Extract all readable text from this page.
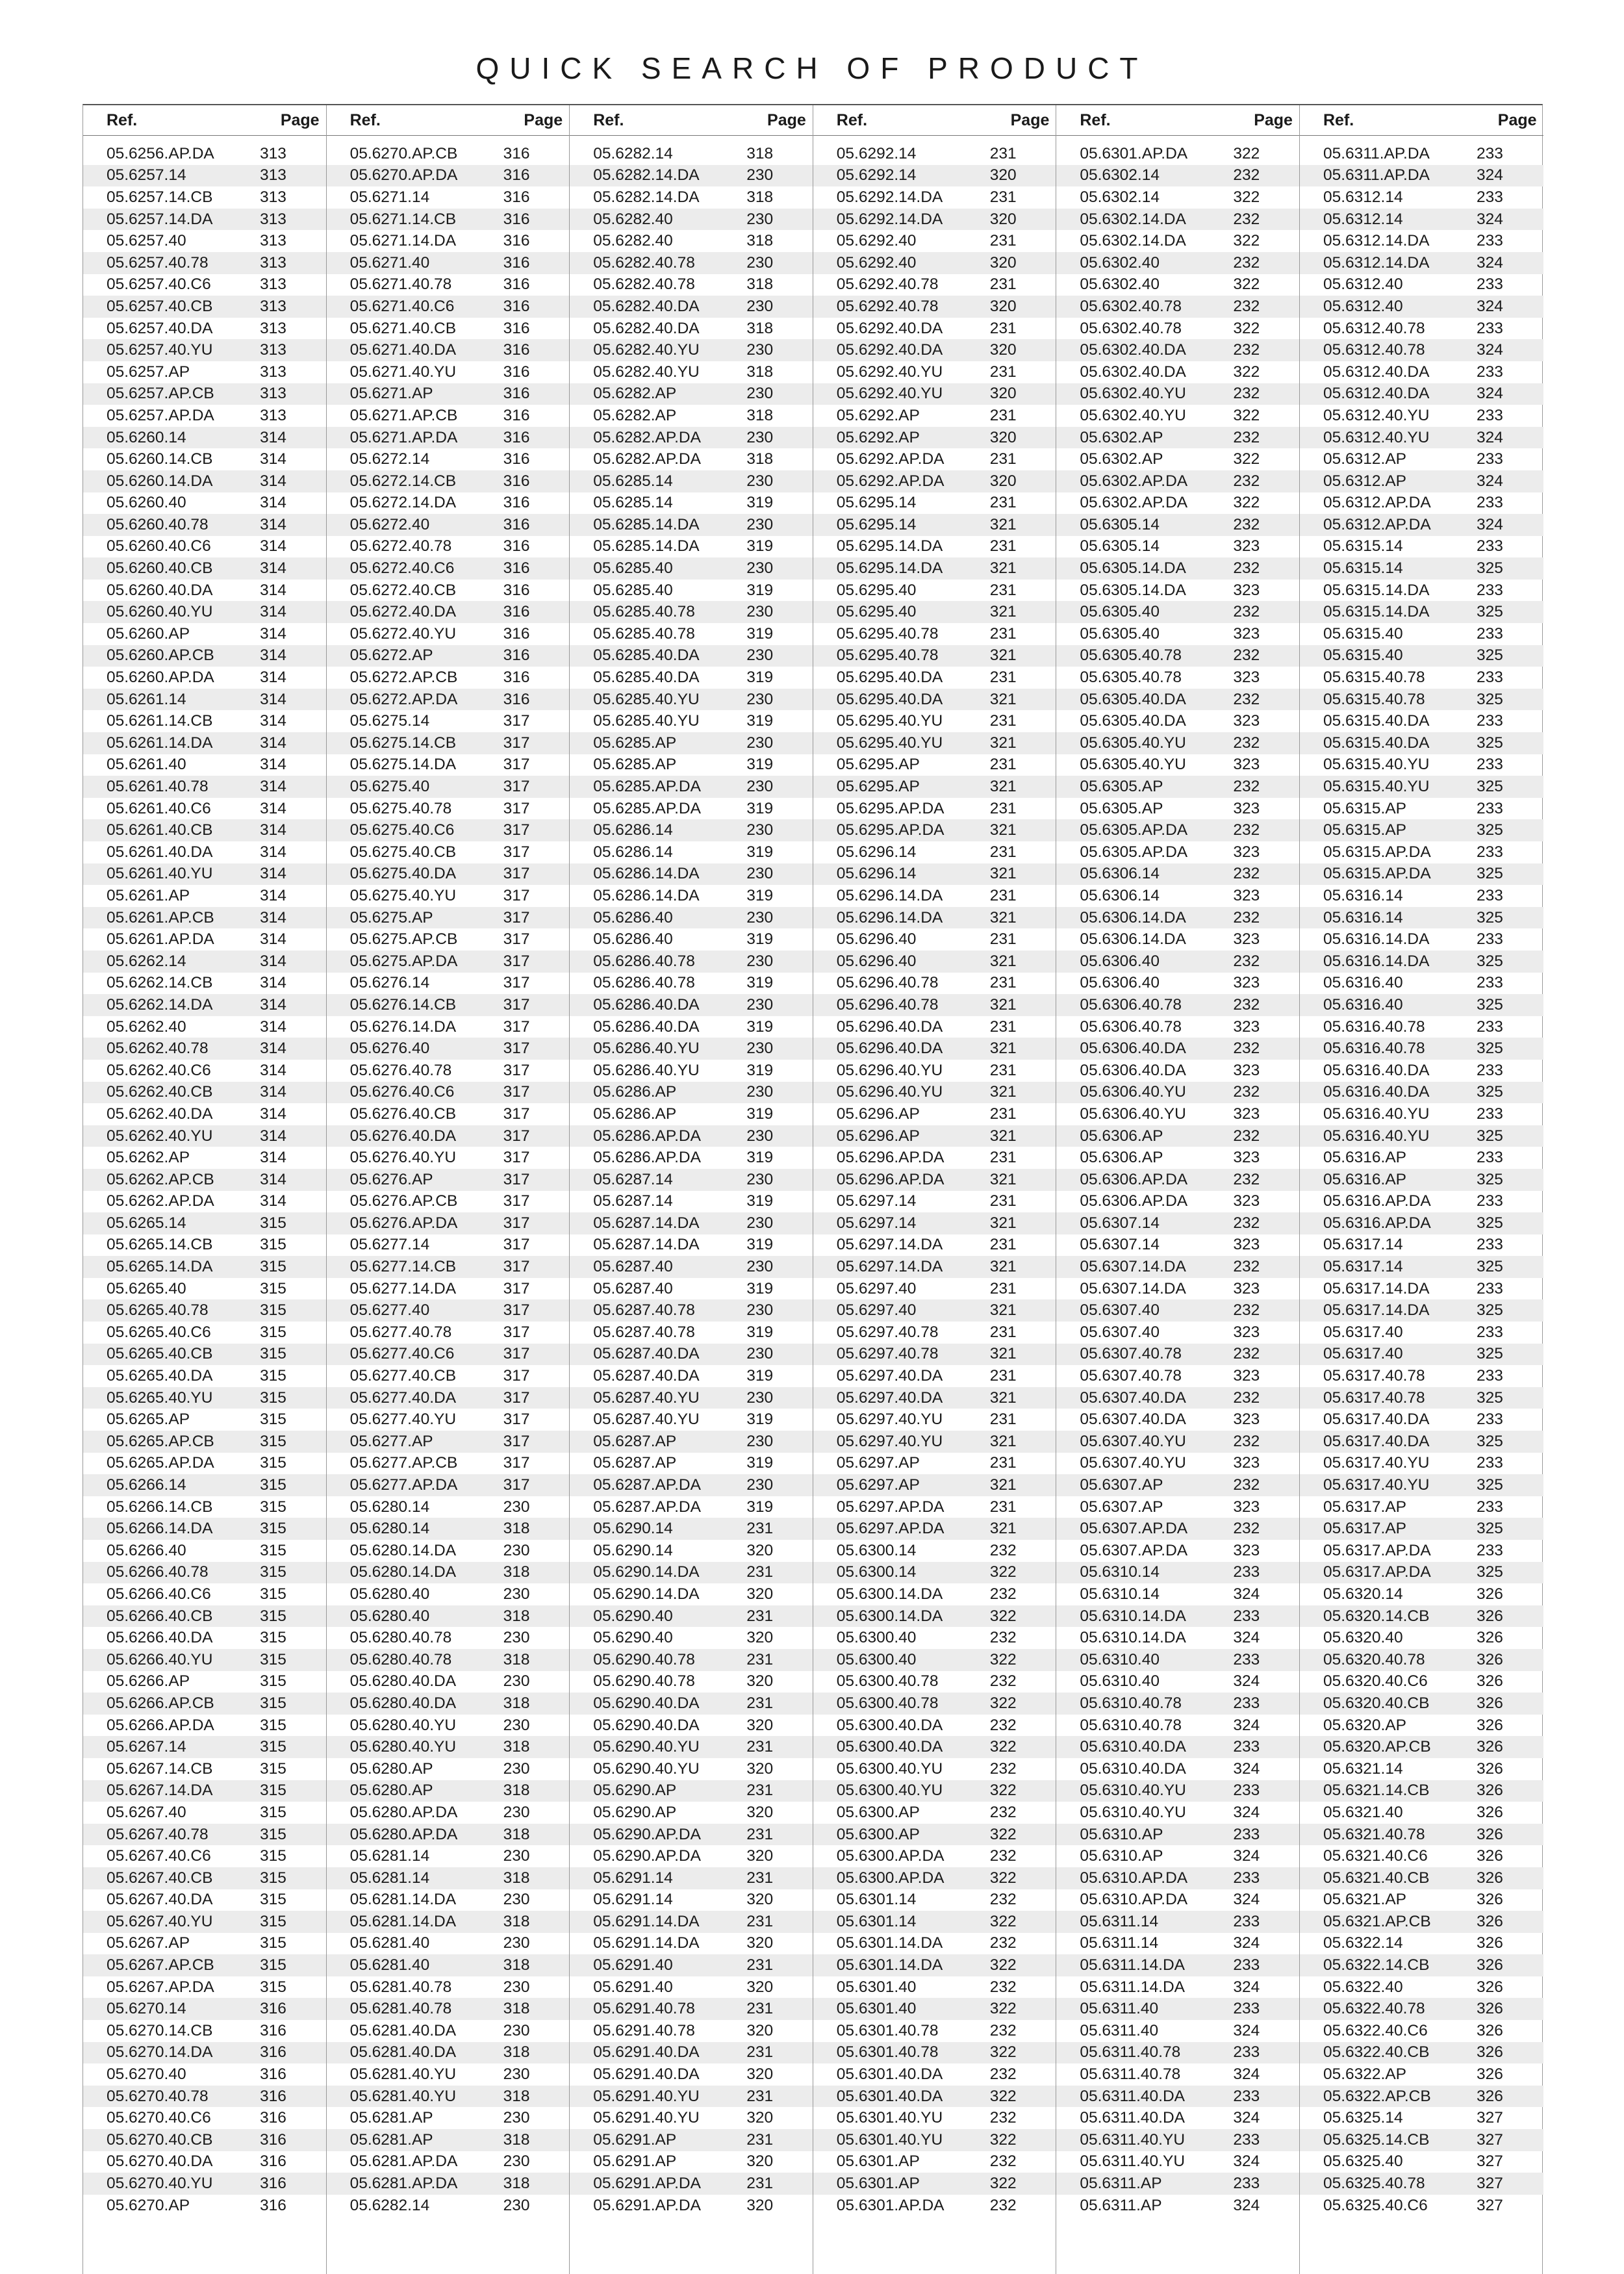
QUICK SEARCH OF PRODUCT
Ref.	Page
05.6256.AP.DA	313
05.6257.14	313
05.6257.14.CB	313
05.6257.14.DA	313
05.6257.40	313
05.6257.40.78	313
05.6257.40.C6	313
05.6257.40.CB	313
05.6257.40.DA	313
05.6257.40.YU	313
05.6257.AP	313
05.6257.AP.CB	313
05.6257.AP.DA	313
05.6260.14	314
05.6260.14.CB	314
05.6260.14.DA	314
05.6260.40	314
05.6260.40.78	314
05.6260.40.C6	314
05.6260.40.CB	314
05.6260.40.DA	314
05.6260.40.YU	314
05.6260.AP	314
05.6260.AP.CB	314
05.6260.AP.DA	314
05.6261.14	314
05.6261.14.CB	314
05.6261.14.DA	314
05.6261.40	314
05.6261.40.78	314
05.6261.40.C6	314
05.6261.40.CB	314
05.6261.40.DA	314
05.6261.40.YU	314
05.6261.AP	314
05.6261.AP.CB	314
05.6261.AP.DA	314
05.6262.14	314
05.6262.14.CB	314
05.6262.14.DA	314
05.6262.40	314
05.6262.40.78	314
05.6262.40.C6	314
05.6262.40.CB	314
05.6262.40.DA	314
05.6262.40.YU	314
05.6262.AP	314
05.6262.AP.CB	314
05.6262.AP.DA	314
05.6265.14	315
05.6265.14.CB	315
05.6265.14.DA	315
05.6265.40	315
05.6265.40.78	315
05.6265.40.C6	315
05.6265.40.CB	315
05.6265.40.DA	315
05.6265.40.YU	315
05.6265.AP	315
05.6265.AP.CB	315
05.6265.AP.DA	315
05.6266.14	315
05.6266.14.CB	315
05.6266.14.DA	315
05.6266.40	315
05.6266.40.78	315
05.6266.40.C6	315
05.6266.40.CB	315
05.6266.40.DA	315
05.6266.40.YU	315
05.6266.AP	315
05.6266.AP.CB	315
05.6266.AP.DA	315
05.6267.14	315
05.6267.14.CB	315
05.6267.14.DA	315
05.6267.40	315
05.6267.40.78	315
05.6267.40.C6	315
05.6267.40.CB	315
05.6267.40.DA	315
05.6267.40.YU	315
05.6267.AP	315
05.6267.AP.CB	315
05.6267.AP.DA	315
05.6270.14	316
05.6270.14.CB	316
05.6270.14.DA	316
05.6270.40	316
05.6270.40.78	316
05.6270.40.C6	316
05.6270.40.CB	316
05.6270.40.DA	316
05.6270.40.YU	316
05.6270.AP	316
Ref.	Page
05.6270.AP.CB	316
05.6270.AP.DA	316
05.6271.14	316
05.6271.14.CB	316
05.6271.14.DA	316
05.6271.40	316
05.6271.40.78	316
05.6271.40.C6	316
05.6271.40.CB	316
05.6271.40.DA	316
05.6271.40.YU	316
05.6271.AP	316
05.6271.AP.CB	316
05.6271.AP.DA	316
05.6272.14	316
05.6272.14.CB	316
05.6272.14.DA	316
05.6272.40	316
05.6272.40.78	316
05.6272.40.C6	316
05.6272.40.CB	316
05.6272.40.DA	316
05.6272.40.YU	316
05.6272.AP	316
05.6272.AP.CB	316
05.6272.AP.DA	316
05.6275.14	317
05.6275.14.CB	317
05.6275.14.DA	317
05.6275.40	317
05.6275.40.78	317
05.6275.40.C6	317
05.6275.40.CB	317
05.6275.40.DA	317
05.6275.40.YU	317
05.6275.AP	317
05.6275.AP.CB	317
05.6275.AP.DA	317
05.6276.14	317
05.6276.14.CB	317
05.6276.14.DA	317
05.6276.40	317
05.6276.40.78	317
05.6276.40.C6	317
05.6276.40.CB	317
05.6276.40.DA	317
05.6276.40.YU	317
05.6276.AP	317
05.6276.AP.CB	317
05.6276.AP.DA	317
05.6277.14	317
05.6277.14.CB	317
05.6277.14.DA	317
05.6277.40	317
05.6277.40.78	317
05.6277.40.C6	317
05.6277.40.CB	317
05.6277.40.DA	317
05.6277.40.YU	317
05.6277.AP	317
05.6277.AP.CB	317
05.6277.AP.DA	317
05.6280.14	230
05.6280.14	318
05.6280.14.DA	230
05.6280.14.DA	318
05.6280.40	230
05.6280.40	318
05.6280.40.78	230
05.6280.40.78	318
05.6280.40.DA	230
05.6280.40.DA	318
05.6280.40.YU	230
05.6280.40.YU	318
05.6280.AP	230
05.6280.AP	318
05.6280.AP.DA	230
05.6280.AP.DA	318
05.6281.14	230
05.6281.14	318
05.6281.14.DA	230
05.6281.14.DA	318
05.6281.40	230
05.6281.40	318
05.6281.40.78	230
05.6281.40.78	318
05.6281.40.DA	230
05.6281.40.DA	318
05.6281.40.YU	230
05.6281.40.YU	318
05.6281.AP	230
05.6281.AP	318
05.6281.AP.DA	230
05.6281.AP.DA	318
05.6282.14	230
Ref.	Page
05.6282.14	318
05.6282.14.DA	230
05.6282.14.DA	318
05.6282.40	230
05.6282.40	318
05.6282.40.78	230
05.6282.40.78	318
05.6282.40.DA	230
05.6282.40.DA	318
05.6282.40.YU	230
05.6282.40.YU	318
05.6282.AP	230
05.6282.AP	318
05.6282.AP.DA	230
05.6282.AP.DA	318
05.6285.14	230
05.6285.14	319
05.6285.14.DA	230
05.6285.14.DA	319
05.6285.40	230
05.6285.40	319
05.6285.40.78	230
05.6285.40.78	319
05.6285.40.DA	230
05.6285.40.DA	319
05.6285.40.YU	230
05.6285.40.YU	319
05.6285.AP	230
05.6285.AP	319
05.6285.AP.DA	230
05.6285.AP.DA	319
05.6286.14	230
05.6286.14	319
05.6286.14.DA	230
05.6286.14.DA	319
05.6286.40	230
05.6286.40	319
05.6286.40.78	230
05.6286.40.78	319
05.6286.40.DA	230
05.6286.40.DA	319
05.6286.40.YU	230
05.6286.40.YU	319
05.6286.AP	230
05.6286.AP	319
05.6286.AP.DA	230
05.6286.AP.DA	319
05.6287.14	230
05.6287.14	319
05.6287.14.DA	230
05.6287.14.DA	319
05.6287.40	230
05.6287.40	319
05.6287.40.78	230
05.6287.40.78	319
05.6287.40.DA	230
05.6287.40.DA	319
05.6287.40.YU	230
05.6287.40.YU	319
05.6287.AP	230
05.6287.AP	319
05.6287.AP.DA	230
05.6287.AP.DA	319
05.6290.14	231
05.6290.14	320
05.6290.14.DA	231
05.6290.14.DA	320
05.6290.40	231
05.6290.40	320
05.6290.40.78	231
05.6290.40.78	320
05.6290.40.DA	231
05.6290.40.DA	320
05.6290.40.YU	231
05.6290.40.YU	320
05.6290.AP	231
05.6290.AP	320
05.6290.AP.DA	231
05.6290.AP.DA	320
05.6291.14	231
05.6291.14	320
05.6291.14.DA	231
05.6291.14.DA	320
05.6291.40	231
05.6291.40	320
05.6291.40.78	231
05.6291.40.78	320
05.6291.40.DA	231
05.6291.40.DA	320
05.6291.40.YU	231
05.6291.40.YU	320
05.6291.AP	231
05.6291.AP	320
05.6291.AP.DA	231
05.6291.AP.DA	320
Ref.	Page
05.6292.14	231
05.6292.14	320
05.6292.14.DA	231
05.6292.14.DA	320
05.6292.40	231
05.6292.40	320
05.6292.40.78	231
05.6292.40.78	320
05.6292.40.DA	231
05.6292.40.DA	320
05.6292.40.YU	231
05.6292.40.YU	320
05.6292.AP	231
05.6292.AP	320
05.6292.AP.DA	231
05.6292.AP.DA	320
05.6295.14	231
05.6295.14	321
05.6295.14.DA	231
05.6295.14.DA	321
05.6295.40	231
05.6295.40	321
05.6295.40.78	231
05.6295.40.78	321
05.6295.40.DA	231
05.6295.40.DA	321
05.6295.40.YU	231
05.6295.40.YU	321
05.6295.AP	231
05.6295.AP	321
05.6295.AP.DA	231
05.6295.AP.DA	321
05.6296.14	231
05.6296.14	321
05.6296.14.DA	231
05.6296.14.DA	321
05.6296.40	231
05.6296.40	321
05.6296.40.78	231
05.6296.40.78	321
05.6296.40.DA	231
05.6296.40.DA	321
05.6296.40.YU	231
05.6296.40.YU	321
05.6296.AP	231
05.6296.AP	321
05.6296.AP.DA	231
05.6296.AP.DA	321
05.6297.14	231
05.6297.14	321
05.6297.14.DA	231
05.6297.14.DA	321
05.6297.40	231
05.6297.40	321
05.6297.40.78	231
05.6297.40.78	321
05.6297.40.DA	231
05.6297.40.DA	321
05.6297.40.YU	231
05.6297.40.YU	321
05.6297.AP	231
05.6297.AP	321
05.6297.AP.DA	231
05.6297.AP.DA	321
05.6300.14	232
05.6300.14	322
05.6300.14.DA	232
05.6300.14.DA	322
05.6300.40	232
05.6300.40	322
05.6300.40.78	232
05.6300.40.78	322
05.6300.40.DA	232
05.6300.40.DA	322
05.6300.40.YU	232
05.6300.40.YU	322
05.6300.AP	232
05.6300.AP	322
05.6300.AP.DA	232
05.6300.AP.DA	322
05.6301.14	232
05.6301.14	322
05.6301.14.DA	232
05.6301.14.DA	322
05.6301.40	232
05.6301.40	322
05.6301.40.78	232
05.6301.40.78	322
05.6301.40.DA	232
05.6301.40.DA	322
05.6301.40.YU	232
05.6301.40.YU	322
05.6301.AP	232
05.6301.AP	322
05.6301.AP.DA	232
Ref.	Page
05.6301.AP.DA	322
05.6302.14	232
05.6302.14	322
05.6302.14.DA	232
05.6302.14.DA	322
05.6302.40	232
05.6302.40	322
05.6302.40.78	232
05.6302.40.78	322
05.6302.40.DA	232
05.6302.40.DA	322
05.6302.40.YU	232
05.6302.40.YU	322
05.6302.AP	232
05.6302.AP	322
05.6302.AP.DA	232
05.6302.AP.DA	322
05.6305.14	232
05.6305.14	323
05.6305.14.DA	232
05.6305.14.DA	323
05.6305.40	232
05.6305.40	323
05.6305.40.78	232
05.6305.40.78	323
05.6305.40.DA	232
05.6305.40.DA	323
05.6305.40.YU	232
05.6305.40.YU	323
05.6305.AP	232
05.6305.AP	323
05.6305.AP.DA	232
05.6305.AP.DA	323
05.6306.14	232
05.6306.14	323
05.6306.14.DA	232
05.6306.14.DA	323
05.6306.40	232
05.6306.40	323
05.6306.40.78	232
05.6306.40.78	323
05.6306.40.DA	232
05.6306.40.DA	323
05.6306.40.YU	232
05.6306.40.YU	323
05.6306.AP	232
05.6306.AP	323
05.6306.AP.DA	232
05.6306.AP.DA	323
05.6307.14	232
05.6307.14	323
05.6307.14.DA	232
05.6307.14.DA	323
05.6307.40	232
05.6307.40	323
05.6307.40.78	232
05.6307.40.78	323
05.6307.40.DA	232
05.6307.40.DA	323
05.6307.40.YU	232
05.6307.40.YU	323
05.6307.AP	232
05.6307.AP	323
05.6307.AP.DA	232
05.6307.AP.DA	323
05.6310.14	233
05.6310.14	324
05.6310.14.DA	233
05.6310.14.DA	324
05.6310.40	233
05.6310.40	324
05.6310.40.78	233
05.6310.40.78	324
05.6310.40.DA	233
05.6310.40.DA	324
05.6310.40.YU	233
05.6310.40.YU	324
05.6310.AP	233
05.6310.AP	324
05.6310.AP.DA	233
05.6310.AP.DA	324
05.6311.14	233
05.6311.14	324
05.6311.14.DA	233
05.6311.14.DA	324
05.6311.40	233
05.6311.40	324
05.6311.40.78	233
05.6311.40.78	324
05.6311.40.DA	233
05.6311.40.DA	324
05.6311.40.YU	233
05.6311.40.YU	324
05.6311.AP	233
05.6311.AP	324
Ref.	Page
05.6311.AP.DA	233
05.6311.AP.DA	324
05.6312.14	233
05.6312.14	324
05.6312.14.DA	233
05.6312.14.DA	324
05.6312.40	233
05.6312.40	324
05.6312.40.78	233
05.6312.40.78	324
05.6312.40.DA	233
05.6312.40.DA	324
05.6312.40.YU	233
05.6312.40.YU	324
05.6312.AP	233
05.6312.AP	324
05.6312.AP.DA	233
05.6312.AP.DA	324
05.6315.14	233
05.6315.14	325
05.6315.14.DA	233
05.6315.14.DA	325
05.6315.40	233
05.6315.40	325
05.6315.40.78	233
05.6315.40.78	325
05.6315.40.DA	233
05.6315.40.DA	325
05.6315.40.YU	233
05.6315.40.YU	325
05.6315.AP	233
05.6315.AP	325
05.6315.AP.DA	233
05.6315.AP.DA	325
05.6316.14	233
05.6316.14	325
05.6316.14.DA	233
05.6316.14.DA	325
05.6316.40	233
05.6316.40	325
05.6316.40.78	233
05.6316.40.78	325
05.6316.40.DA	233
05.6316.40.DA	325
05.6316.40.YU	233
05.6316.40.YU	325
05.6316.AP	233
05.6316.AP	325
05.6316.AP.DA	233
05.6316.AP.DA	325
05.6317.14	233
05.6317.14	325
05.6317.14.DA	233
05.6317.14.DA	325
05.6317.40	233
05.6317.40	325
05.6317.40.78	233
05.6317.40.78	325
05.6317.40.DA	233
05.6317.40.DA	325
05.6317.40.YU	233
05.6317.40.YU	325
05.6317.AP	233
05.6317.AP	325
05.6317.AP.DA	233
05.6317.AP.DA	325
05.6320.14	326
05.6320.14.CB	326
05.6320.40	326
05.6320.40.78	326
05.6320.40.C6	326
05.6320.40.CB	326
05.6320.AP	326
05.6320.AP.CB	326
05.6321.14	326
05.6321.14.CB	326
05.6321.40	326
05.6321.40.78	326
05.6321.40.C6	326
05.6321.40.CB	326
05.6321.AP	326
05.6321.AP.CB	326
05.6322.14	326
05.6322.14.CB	326
05.6322.40	326
05.6322.40.78	326
05.6322.40.C6	326
05.6322.40.CB	326
05.6322.AP	326
05.6322.AP.CB	326
05.6325.14	327
05.6325.14.CB	327
05.6325.40	327
05.6325.40.78	327
05.6325.40.C6	327
